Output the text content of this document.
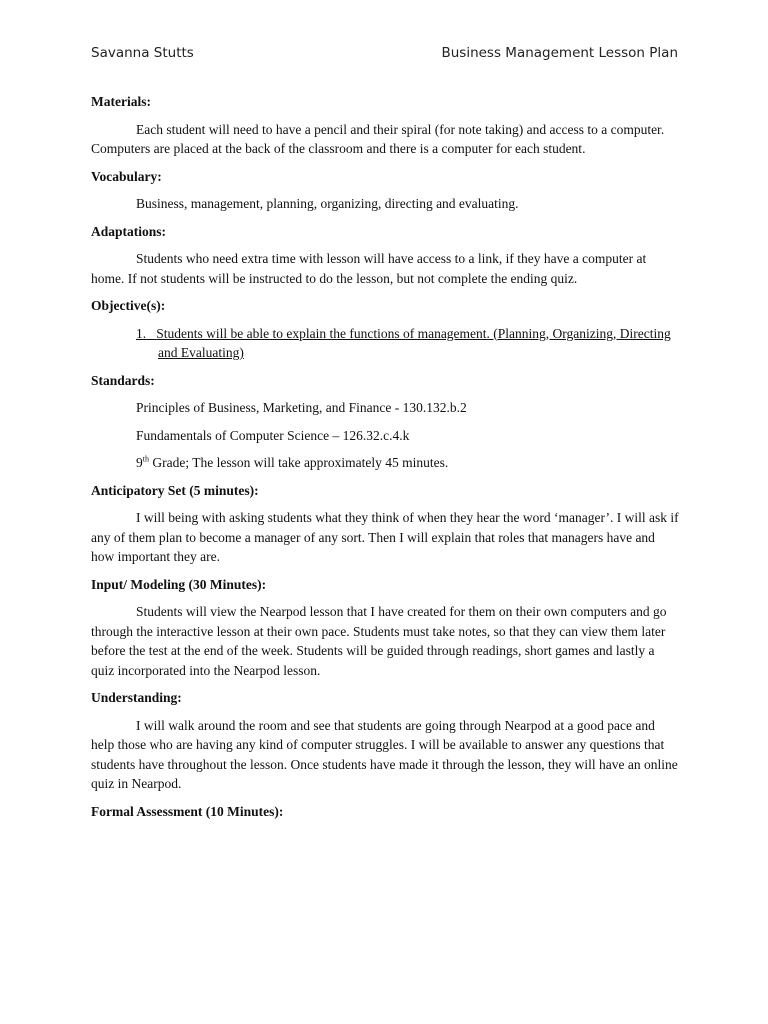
Savanna Stutts	Business Management Lesson Plan
Materials:

Each student will need to have a pencil and their spiral (for note taking) and access to a computer. Computers are placed at the back of the classroom and there is a computer for each student.

Vocabulary:

Business, management, planning, organizing, directing and evaluating.

Adaptations:

Students who need extra time with lesson will have access to a link, if they have a computer at home. If not students will be instructed to do the lesson, but not complete the ending quiz.

Objective(s):

1. Students will be able to explain the functions of management. (Planning, Organizing, Directing and Evaluating)

Standards:

Principles of Business, Marketing, and Finance - 130.132.b.2

Fundamentals of Computer Science – 126.32.c.4.k

9th Grade; The lesson will take approximately 45 minutes.

Anticipatory Set (5 minutes):

I will being with asking students what they think of when they hear the word ‘manager’. I will ask if any of them plan to become a manager of any sort. Then I will explain that roles that managers have and how important they are.

Input/ Modeling (30 Minutes):

Students will view the Nearpod lesson that I have created for them on their own computers and go through the interactive lesson at their own pace. Students must take notes, so that they can view them later before the test at the end of the week. Students will be guided through readings, short games and lastly a quiz incorporated into the Nearpod lesson.

Understanding:

I will walk around the room and see that students are going through Nearpod at a good pace and help those who are having any kind of computer struggles. I will be available to answer any questions that students have throughout the lesson. Once students have made it through the lesson, they will have an online quiz in Nearpod.

Formal Assessment (10 Minutes):
